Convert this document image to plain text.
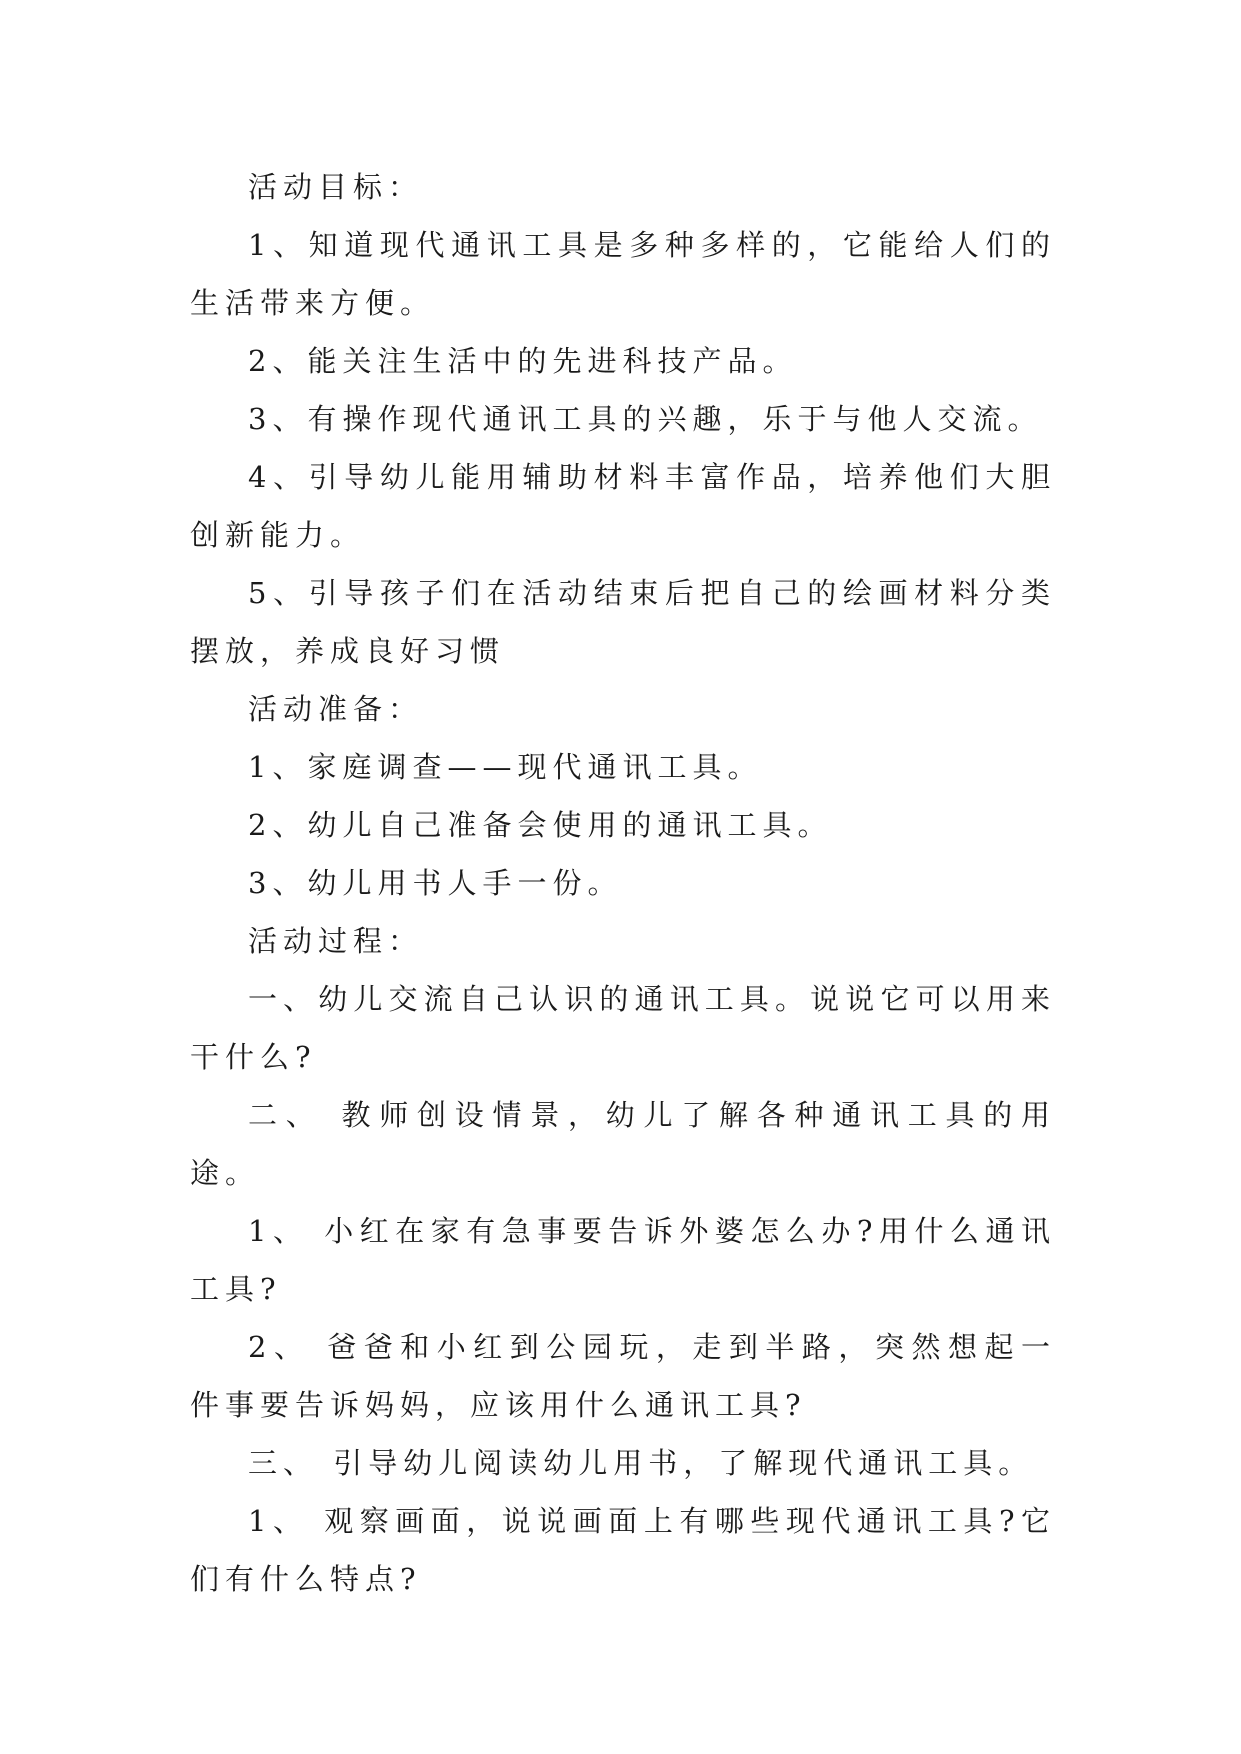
活动目标：

1、知道现代通讯工具是多种多样的，它能给人们的生活带来方便。

2、能关注生活中的先进科技产品。

3、有操作现代通讯工具的兴趣，乐于与他人交流。

4、引导幼儿能用辅助材料丰富作品，培养他们大胆创新能力。

5、引导孩子们在活动结束后把自己的绘画材料分类摆放，养成良好习惯

活动准备：

1、家庭调查——现代通讯工具。

2、幼儿自己准备会使用的通讯工具。

3、幼儿用书人手一份。

活动过程：

一、幼儿交流自己认识的通讯工具。说说它可以用来干什么?

二、 教师创设情景，幼儿了解各种通讯工具的用途。

1、 小红在家有急事要告诉外婆怎么办?用什么通讯工具?

2、 爸爸和小红到公园玩，走到半路，突然想起一件事要告诉妈妈，应该用什么通讯工具?

三、 引导幼儿阅读幼儿用书，了解现代通讯工具。

1、 观察画面，说说画面上有哪些现代通讯工具?它们有什么特点?
